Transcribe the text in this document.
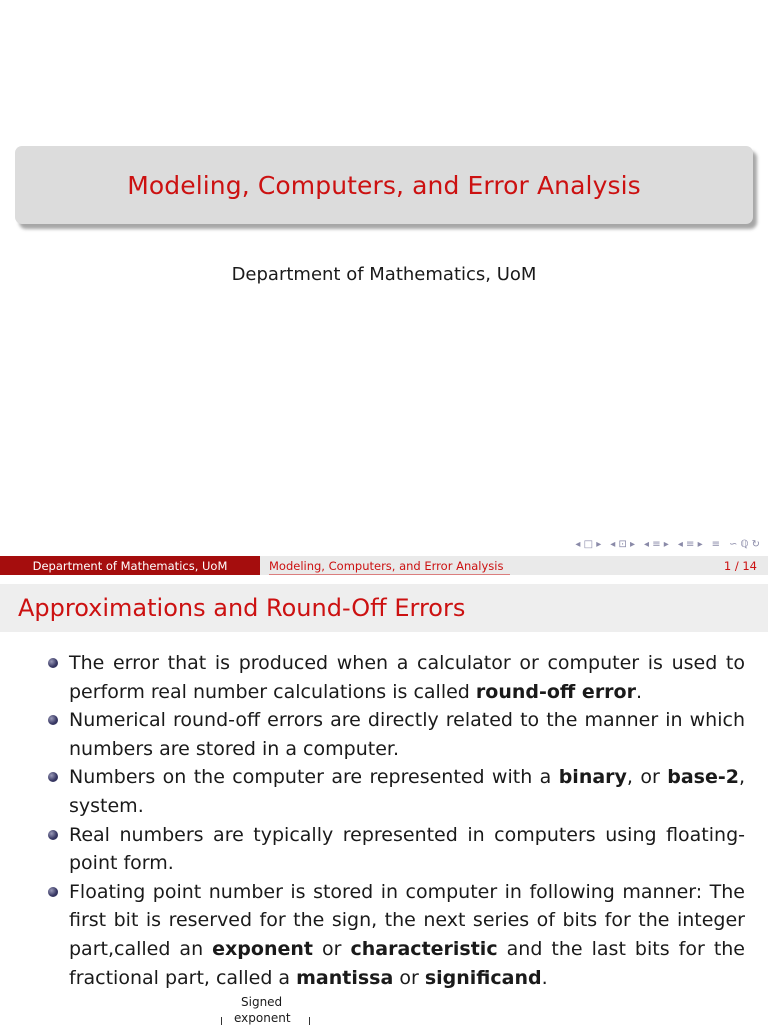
Modeling, Computers, and Error Analysis
Department of Mathematics, UoM
◂ □ ▸ ◂ ⊡ ▸ ◂ ≡ ▸ ◂ ≡ ▸ ≡ ∽ ℚ ↻
Department of Mathematics, UoM	Modeling, Computers, and Error Analysis	1 / 14
Approximations and Round-Off Errors
The error that is produced when a calculator or computer is used to perform real number calculations is called round-off error.
Numerical round-off errors are directly related to the manner in which numbers are stored in a computer.
Numbers on the computer are represented with a binary, or base-2, system.
Real numbers are typically represented in computers using floating-point form.
Floating point number is stored in computer in following manner: The first bit is reserved for the sign, the next series of bits for the integer part,called an exponent or characteristic and the last bits for the fractional part, called a mantissa or significand.
Signed
exponent
